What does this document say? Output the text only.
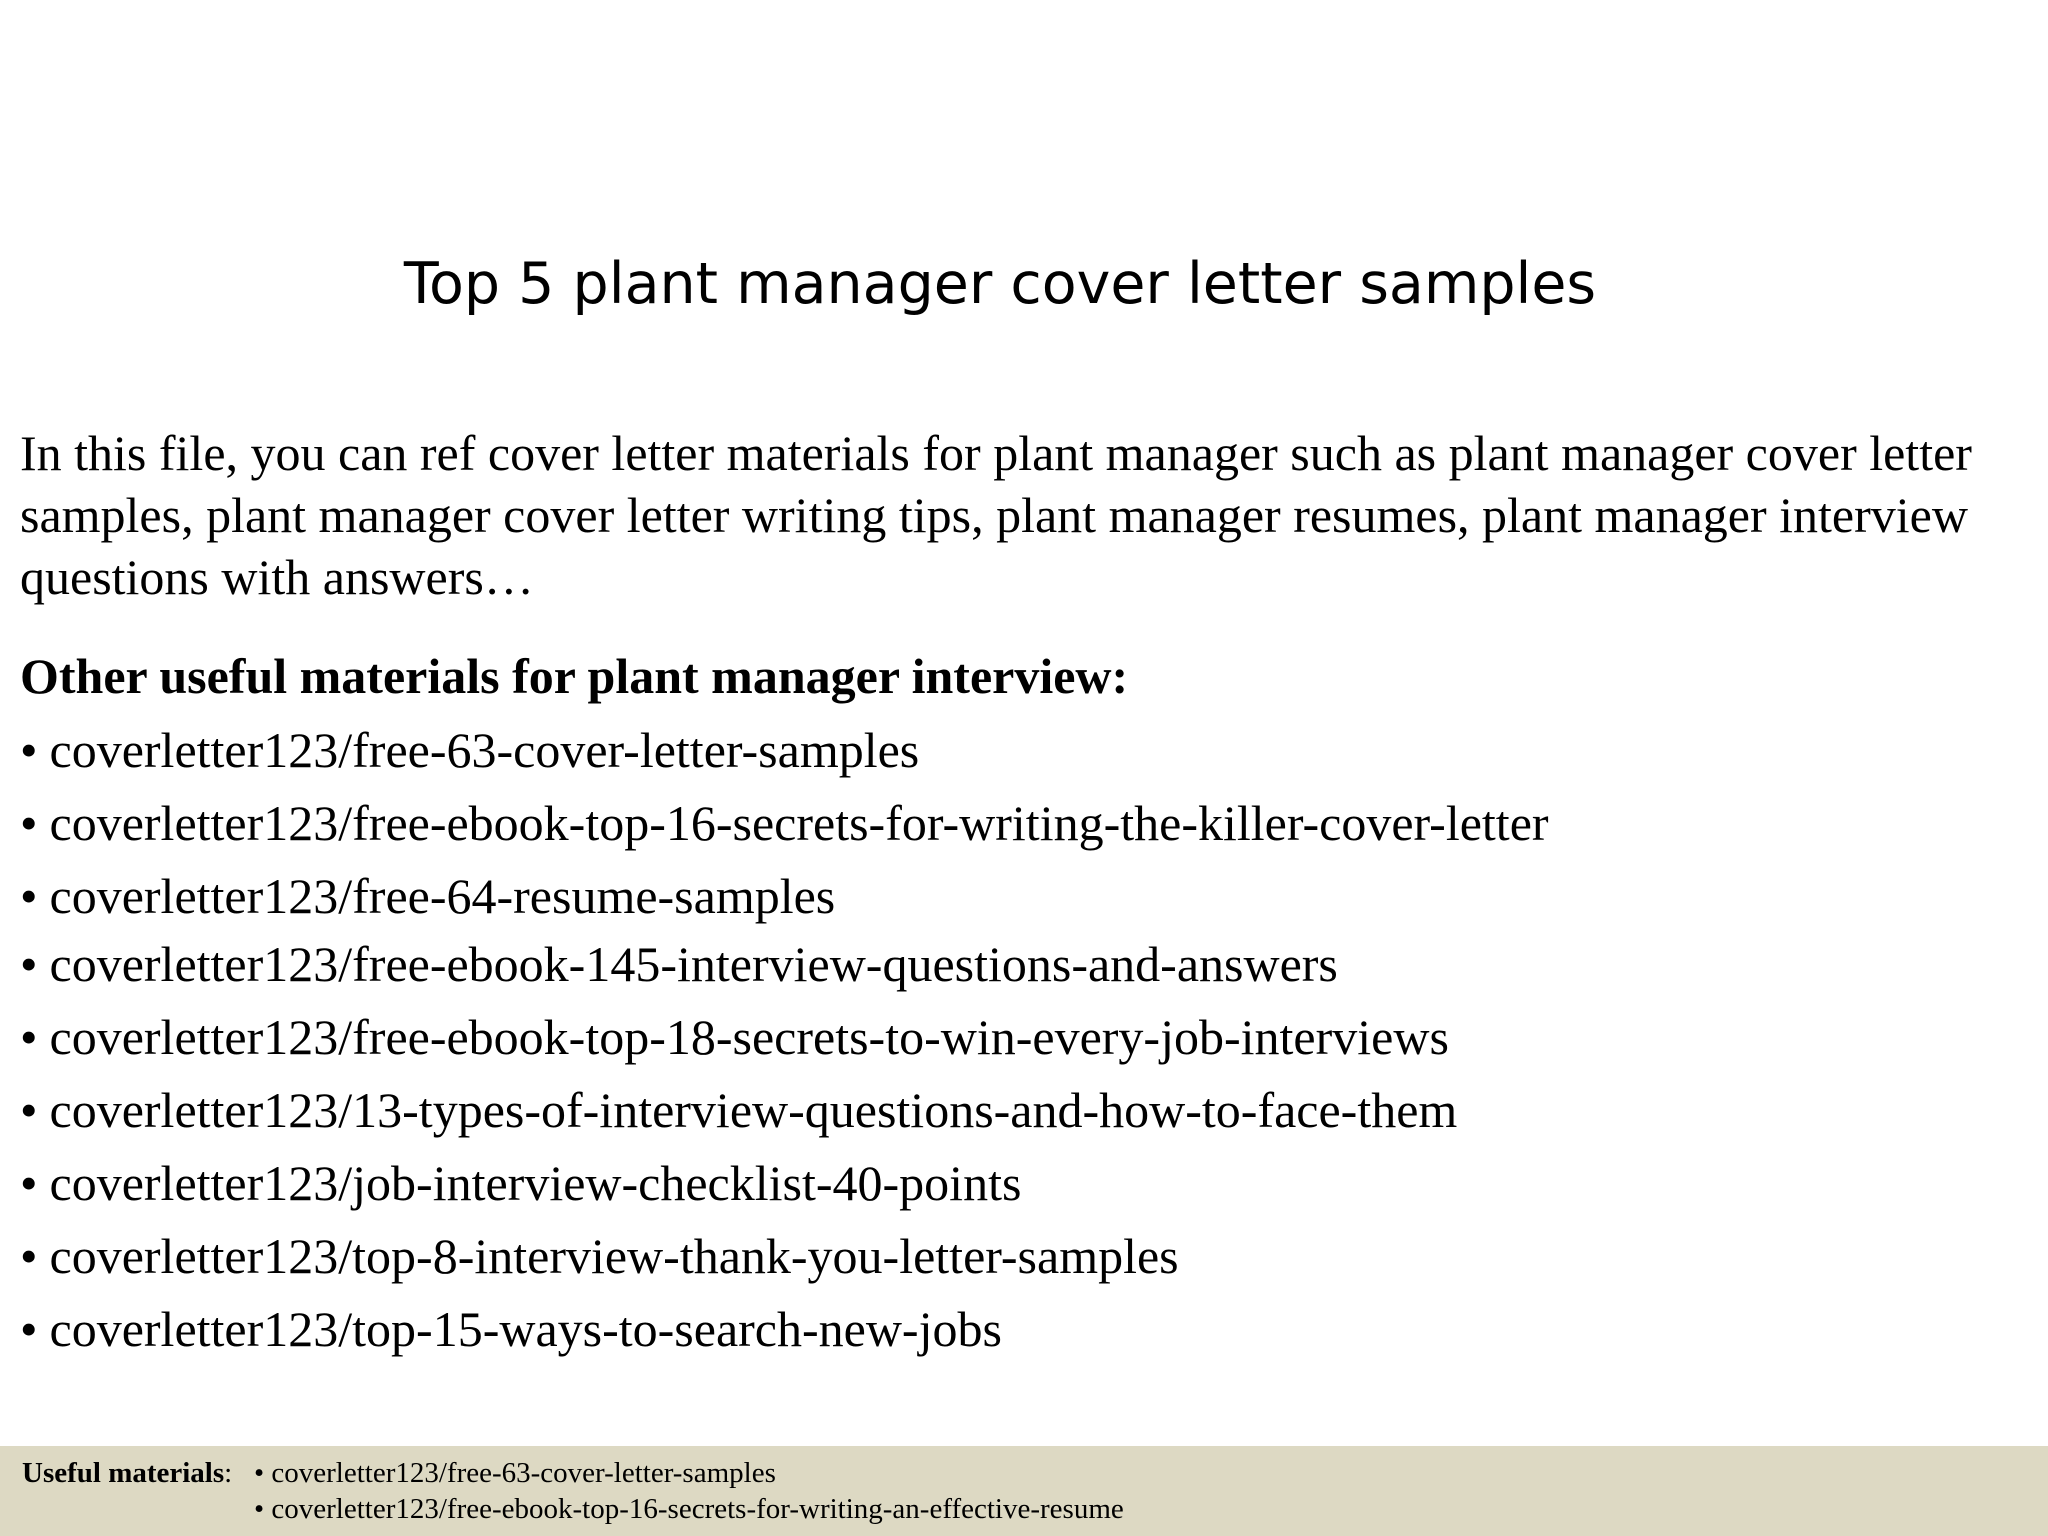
Top 5 plant manager cover letter samples

In this file, you can ref cover letter materials for plant manager such as plant manager cover letter samples, plant manager cover letter writing tips, plant manager resumes, plant manager interview questions with answers…

Other useful materials for plant manager interview:
• coverletter123/free-63-cover-letter-samples
• coverletter123/free-ebook-top-16-secrets-for-writing-the-killer-cover-letter
• coverletter123/free-64-resume-samples
• coverletter123/free-ebook-145-interview-questions-and-answers
• coverletter123/free-ebook-top-18-secrets-to-win-every-job-interviews
• coverletter123/13-types-of-interview-questions-and-how-to-face-them
• coverletter123/job-interview-checklist-40-points
• coverletter123/top-8-interview-thank-you-letter-samples
• coverletter123/top-15-ways-to-search-new-jobs
Useful materials: • coverletter123/free-63-cover-letter-samples
• coverletter123/free-ebook-top-16-secrets-for-writing-an-effective-resume
